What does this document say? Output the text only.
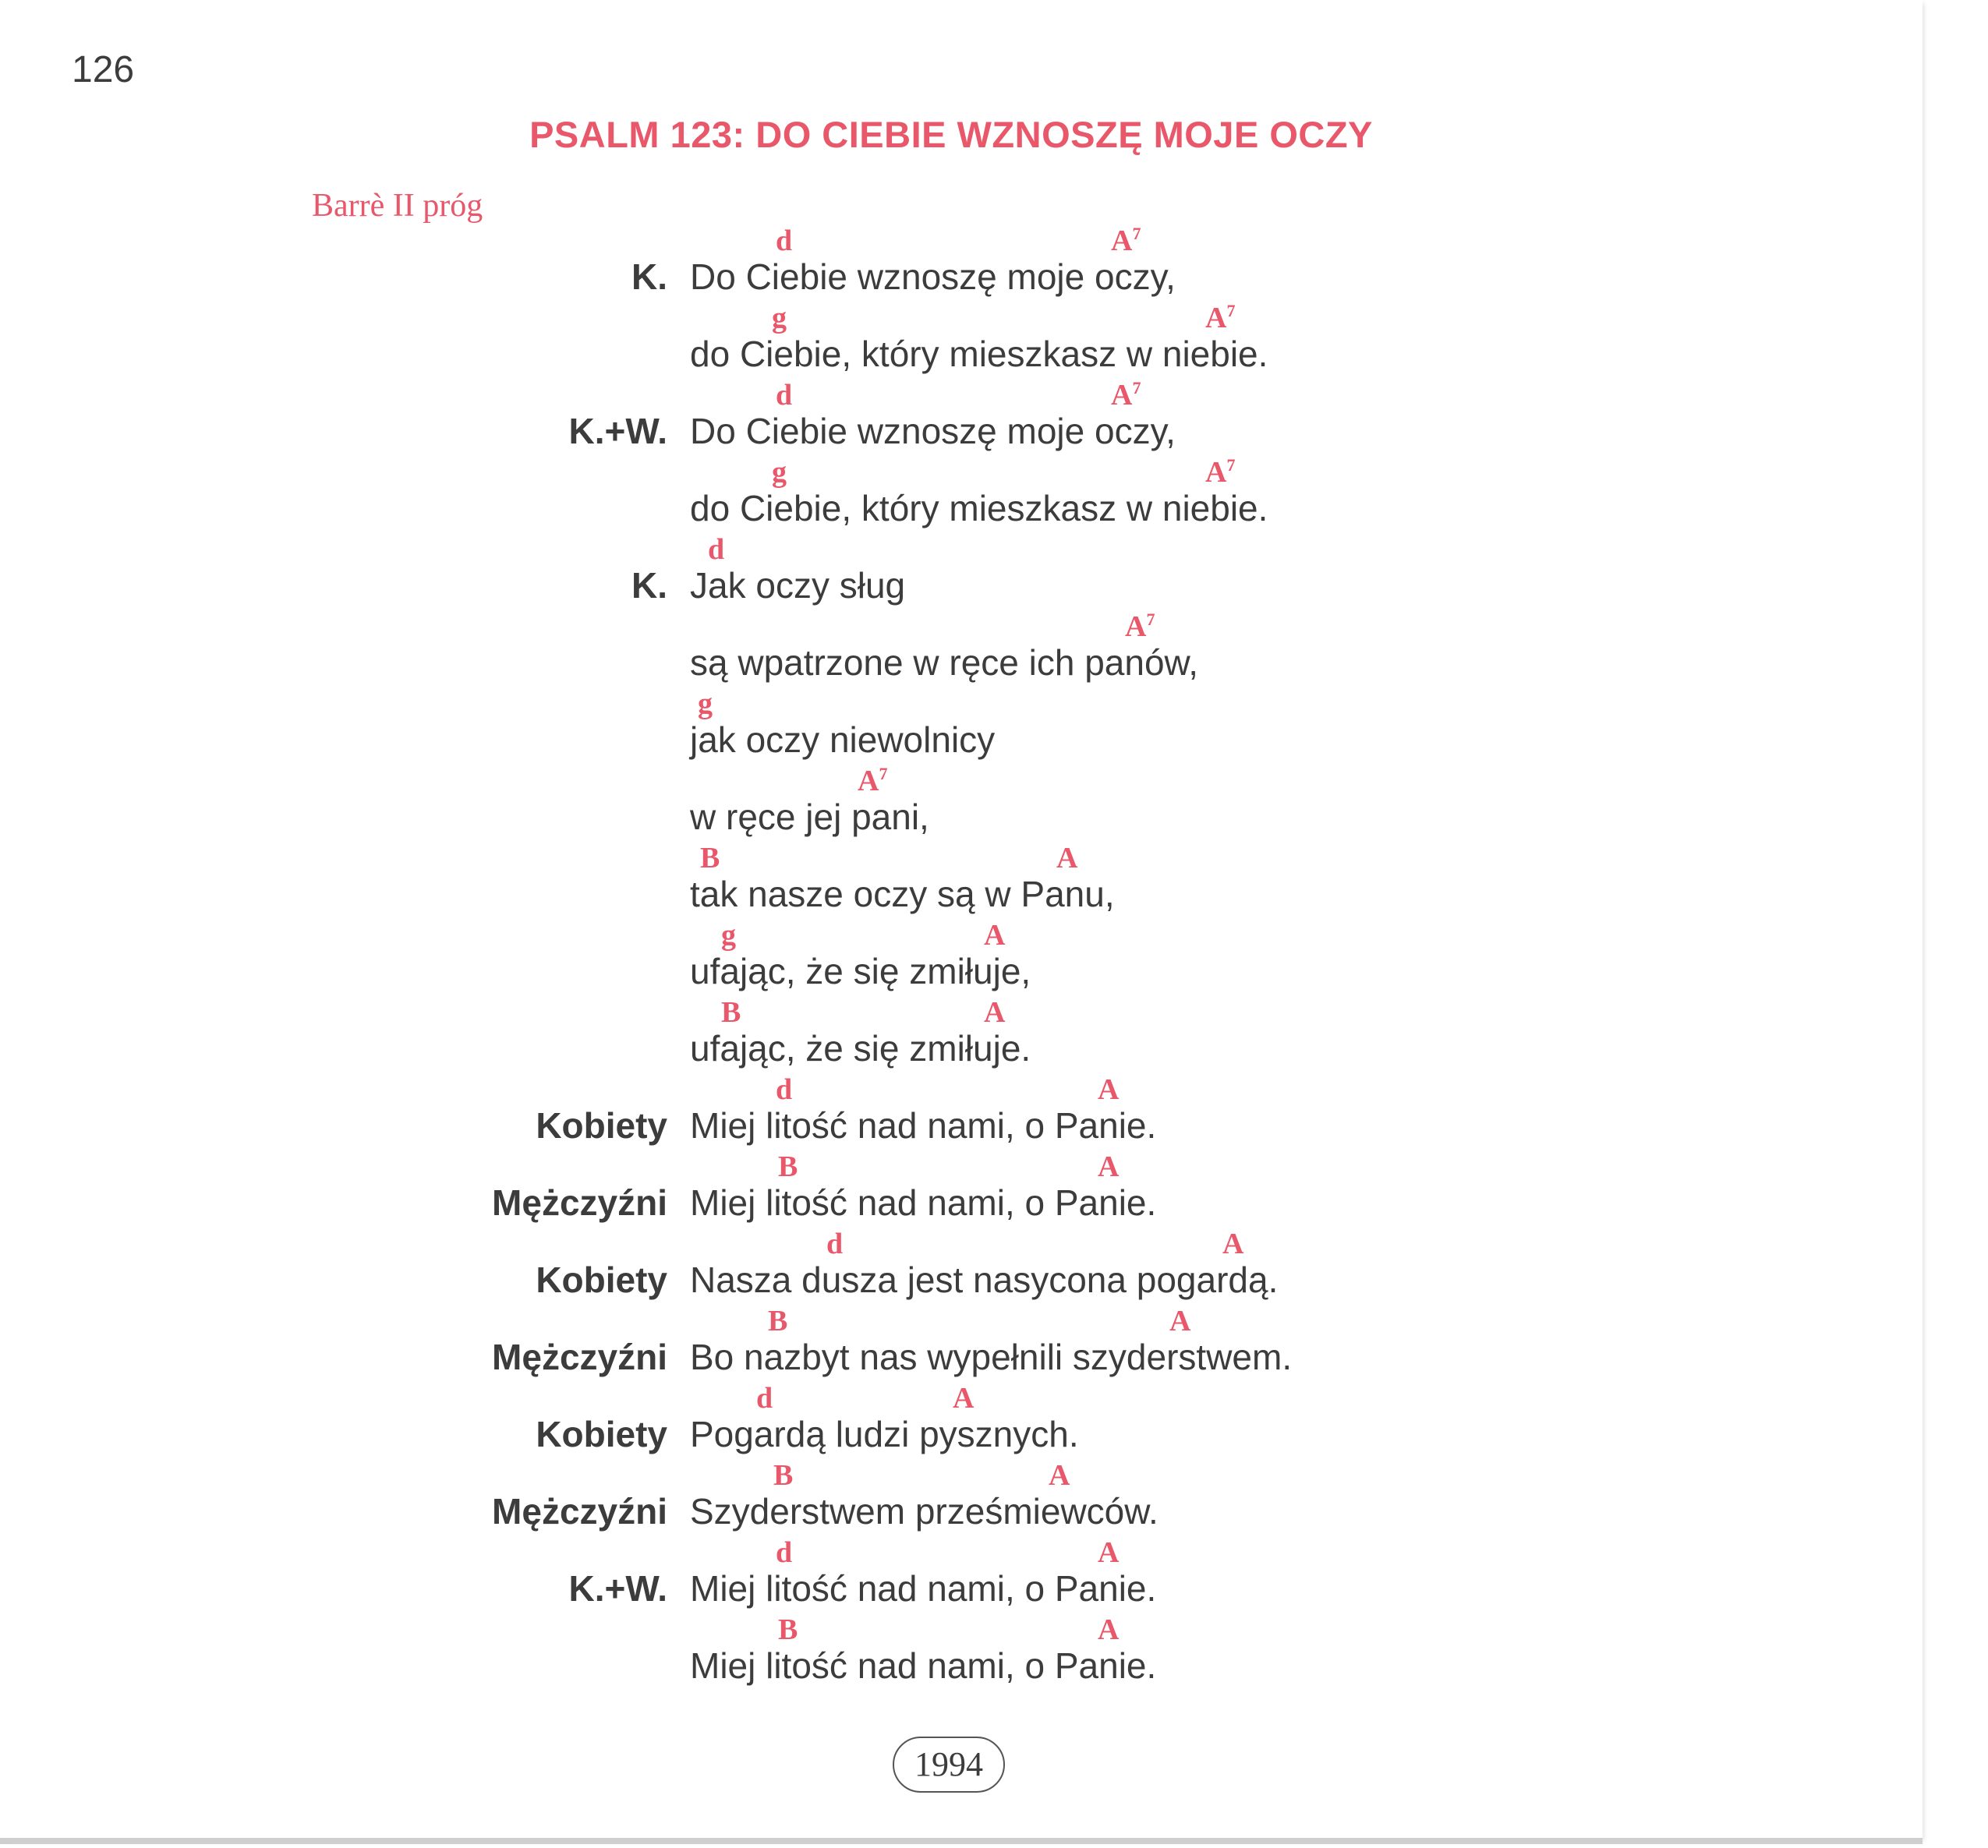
126
PSALM 123: DO CIEBIE WZNOSZĘ MOJE OCZY
Barrè II próg
d	$A^7$
K. Do Ciebie wznoszę moje oczy,
g	$A^7$
do Ciebie, który mieszkasz w niebie.
d	$A^7$
K.+W. Do Ciebie wznoszę moje oczy,
g	$A^7$
do Ciebie, który mieszkasz w niebie.
d
K. Jak oczy sług
$A^7$
są wpatrzone w ręce ich panów,
g
jak oczy niewolnicy
$A^7$
w ręce jej pani,
B	A
tak nasze oczy są w Panu,
g	A
ufając, że się zmiłuje,
B	A
ufając, że się zmiłuje.
d	A
Kobiety Miej litość nad nami, o Panie.
B	A
Mężczyźni Miej litość nad nami, o Panie.
d	A
Kobiety Nasza dusza jest nasycona pogardą.
B	A
Mężczyźni Bo nazbyt nas wypełnili szyderstwem.
d	A
Kobiety Pogardą ludzi pysznych.
B	A
Mężczyźni Szyderstwem prześmiewców.
d	A
K.+W. Miej litość nad nami, o Panie.
B	A
Miej litość nad nami, o Panie.
1994
